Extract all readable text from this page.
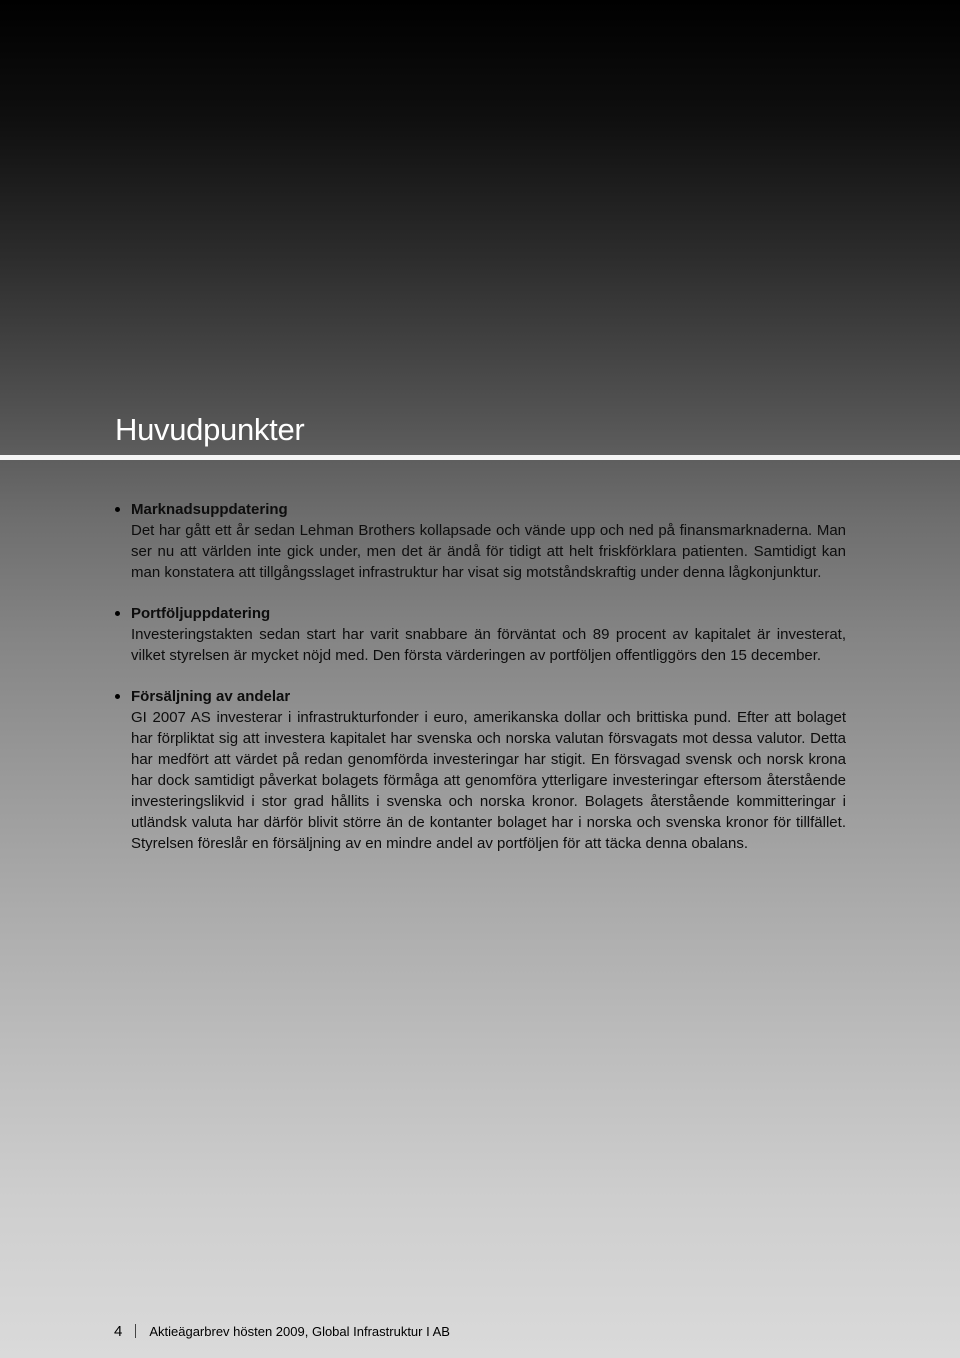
Huvudpunkter
Marknadsuppdatering
Det har gått ett år sedan Lehman Brothers kollapsade och vände upp och ned på finansmarknaderna. Man ser nu att världen inte gick under, men det är ändå för tidigt att helt friskförklara patienten. Samtidigt kan man konstatera att tillgångsslaget infrastruktur har visat sig motståndskraftig under denna lågkonjunktur.
Portföljuppdatering
Investeringstakten sedan start har varit snabbare än förväntat och 89 procent av kapitalet är investerat, vilket styrelsen är mycket nöjd med. Den första värderingen av portföljen offentliggörs den 15 december.
Försäljning av andelar
GI 2007 AS investerar i infrastrukturfonder i euro, amerikanska dollar och brittiska pund. Efter att bolaget har förpliktat sig att investera kapitalet har svenska och norska valutan försvagats mot dessa valutor. Detta har medfört att värdet på redan genomförda investeringar har stigit. En försvagad svensk och norsk krona har dock samtidigt påverkat bolagets förmåga att genomföra ytterligare investeringar eftersom återstående investeringslikvid i stor grad hållits i svenska och norska kronor. Bolagets återstående kommitteringar i utländsk valuta har därför blivit större än de kontanter bolaget har i norska och svenska kronor för tillfället. Styrelsen föreslår en försäljning av en mindre andel av portföljen för att täcka denna obalans.
4 Aktieägarbrev hösten 2009, Global Infrastruktur I AB
